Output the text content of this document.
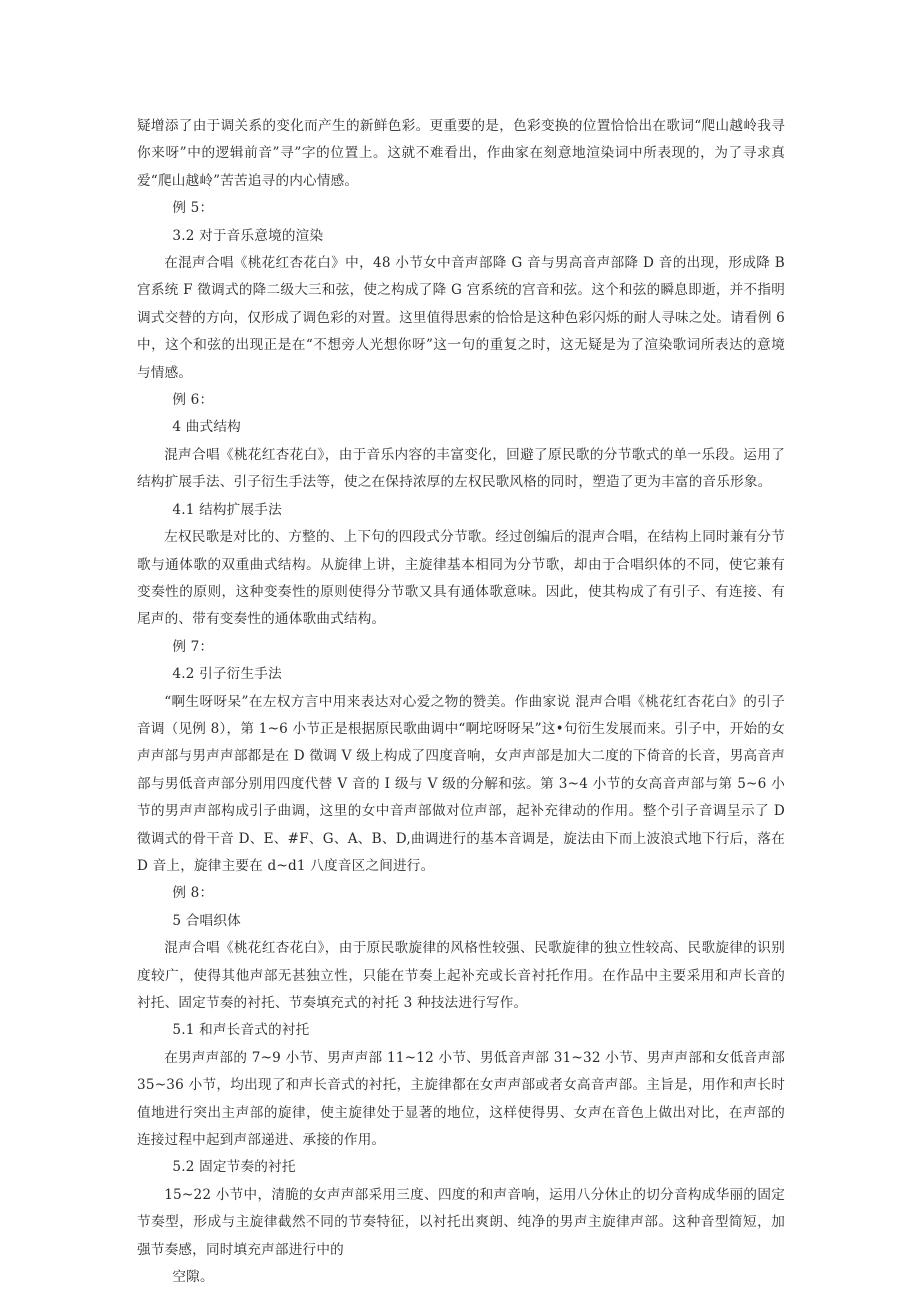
疑增添了由于调关系的变化而产生的新鲜色彩。更重要的是，色彩变换的位置恰恰出在歌词“爬山越岭我寻你来呀”中的逻辑前音”寻”字的位置上。这就不难看出，作曲家在刻意地渲染词中所表现的，为了寻求真爱“爬山越岭”苦苦追寻的内心情感。

例 5：

3.2 对于音乐意境的渲染

在混声合唱《桃花红杏花白》中，48 小节女中音声部降 G 音与男高音声部降 D 音的出现，形成降 B 宫系统 F 徵调式的降二级大三和弦，使之构成了降 G 宫系统的宫音和弦。这个和弦的瞬息即逝，并不指明调式交替的方向，仅形成了调色彩的对置。这里值得思索的恰恰是这种色彩闪烁的耐人寻味之处。请看例 6 中，这个和弦的出现正是在“不想旁人光想你呀”这一句的重复之时，这无疑是为了渲染歌词所表达的意境与情感。

例 6：

4 曲式结构

混声合唱《桃花红杏花白》，由于音乐内容的丰富变化，回避了原民歌的分节歌式的单一乐段。运用了结构扩展手法、引子衍生手法等，使之在保持浓厚的左权民歌风格的同时，塑造了更为丰富的音乐形象。

4.1 结构扩展手法

左权民歌是对比的、方整的、上下句的四段式分节歌。经过创编后的混声合唱，在结构上同时兼有分节歌与通体歌的双重曲式结构。从旋律上讲，主旋律基本相同为分节歌，却由于合唱织体的不同，使它兼有变奏性的原则，这种变奏性的原则使得分节歌又具有通体歌意味。因此，使其构成了有引子、有连接、有尾声的、带有变奏性的通体歌曲式结构。

例 7：

4.2 引子衍生手法

“啊生呀呀呆”在左权方言中用来表达对心爱之物的赞美。作曲家说 混声合唱《桃花红杏花白》的引子音调（见例 8），第 1~6 小节正是根据原民歌曲调中“啊坨呀呀呆”这•句衍生发展而来。引子中，开始的女声声部与男声声部都是在 D 徵调 V 级上构成了四度音响，女声声部是加大二度的下倚音的长音，男高音声部与男低音声部分别用四度代替 V 音的 I 级与 V 级的分解和弦。第 3~4 小节的女高音声部与第 5~6 小节的男声声部构成引子曲调，这里的女中音声部做对位声部，起补充律动的作用。整个引子音调呈示了 D 徵调式的骨干音 D、E、#F、G、A、B、D,曲调进行的基本音调是，旋法由下而上波浪式地下行后，落在 D 音上，旋律主要在 d~d1 八度音区之间进行。

例 8：

5 合唱织体

混声合唱《桃花红杏花白》，由于原民歌旋律的风格性较强、民歌旋律的独立性较高、民歌旋律的识别度较广，使得其他声部无甚独立性，只能在节奏上起补充或长音衬托作用。在作品中主要采用和声长音的衬托、固定节奏的衬托、节奏填充式的衬托 3 种技法进行写作。

5.1 和声长音式的衬托

在男声声部的 7~9 小节、男声声部 11~12 小节、男低音声部 31~32 小节、男声声部和女低音声部 35~36 小节，均出现了和声长音式的衬托，主旋律都在女声声部或者女高音声部。主旨是，用作和声长时值地进行突出主声部的旋律，使主旋律处于显著的地位，这样使得男、女声在音色上做出对比，在声部的连接过程中起到声部递进、承接的作用。

5.2 固定节奏的衬托

15~22 小节中，清脆的女声声部采用三度、四度的和声音响，运用八分休止的切分音构成华丽的固定节奏型，形成与主旋律截然不同的节奏特征，以衬托出爽朗、纯净的男声主旋律声部。这种音型简短，加强节奏感，同时填充声部进行中的

空隙。
